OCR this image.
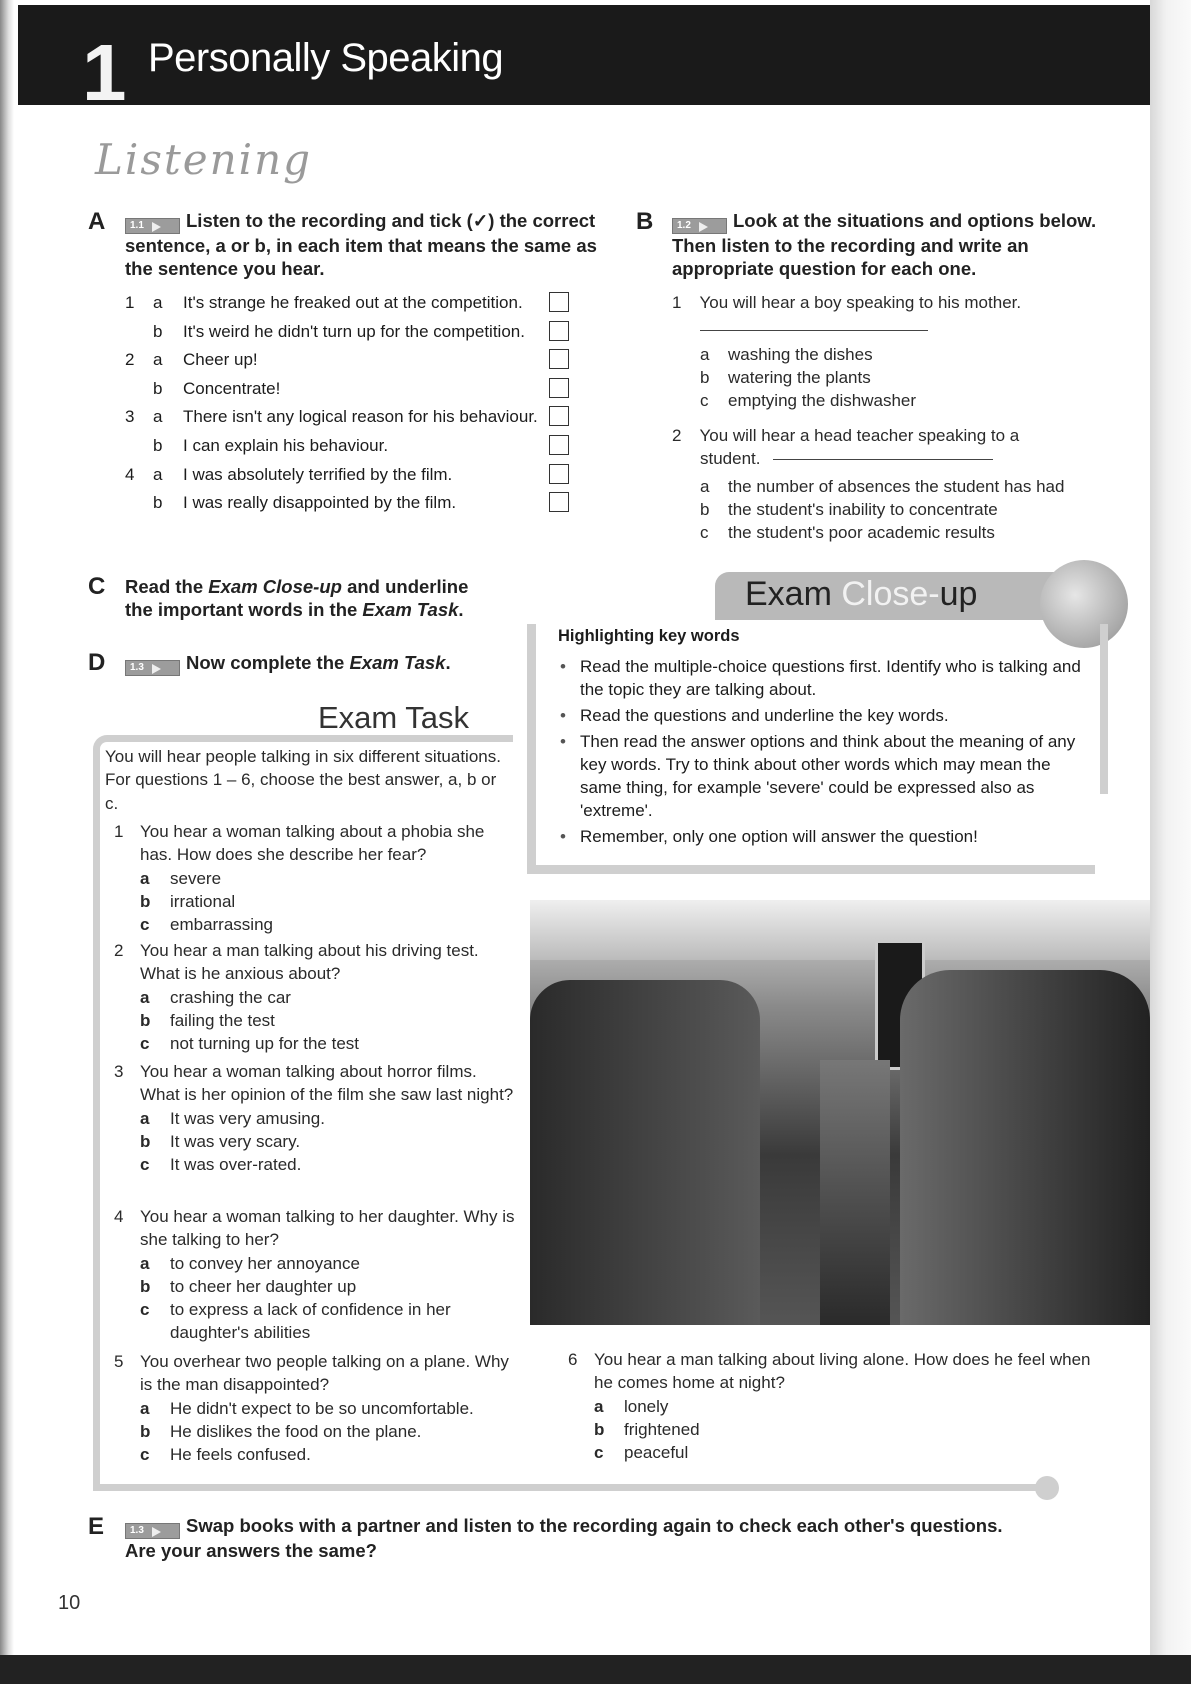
1 Personally Speaking
Listening
A	1.1 Listen to the recording and tick (✓) the correct sentence, a or b, in each item that means the same as the sentence you hear.
1 a It's strange he freaked out at the competition.
b It's weird he didn't turn up for the competition.
2 a Cheer up!
b Concentrate!
3 a There isn't any logical reason for his behaviour.
b I can explain his behaviour.
4 a I was absolutely terrified by the film.
b I was really disappointed by the film.
B	1.2 Look at the situations and options below. Then listen to the recording and write an appropriate question for each one.
1 You will hear a boy speaking to his mother.
a washing the dishes
b watering the plants
c emptying the dishwasher
2 You will hear a head teacher speaking to a
student.
a the number of absences the student has had
b the student's inability to concentrate
c the student's poor academic results
C Read the Exam Close-up and underline
the important words in the Exam Task.
D	1.3 Now complete the Exam Task.
Exam Close-up
Highlighting key words
• Read the multiple-choice questions first. Identify who is talking and the topic they are talking about.
• Read the questions and underline the key words.
• Then read the answer options and think about the meaning of any key words. Try to think about other words which may mean the same thing, for example 'severe' could be expressed also as 'extreme'.
• Remember, only one option will answer the question!
Exam Task
You will hear people talking in six different situations. For questions 1 – 6, choose the best answer, a, b or c.
1 You hear a woman talking about a phobia she has. How does she describe her fear?
a severe
b irrational
c embarrassing
2 You hear a man talking about his driving test. What is he anxious about?
a crashing the car
b failing the test
c not turning up for the test
3 You hear a woman talking about horror films. What is her opinion of the film she saw last night?
a It was very amusing.
b It was very scary.
c It was over-rated.
4 You hear a woman talking to her daughter. Why is she talking to her?
a to convey her annoyance
b to cheer her daughter up
c to express a lack of confidence in her daughter's abilities
5 You overhear two people talking on a plane. Why is the man disappointed?
a He didn't expect to be so uncomfortable.
b He dislikes the food on the plane.
c He feels confused.
6 You hear a man talking about living alone. How does he feel when he comes home at night?
a lonely
b frightened
c peaceful
E	1.3 Swap books with a partner and listen to the recording again to check each other's questions.
Are your answers the same?
10
